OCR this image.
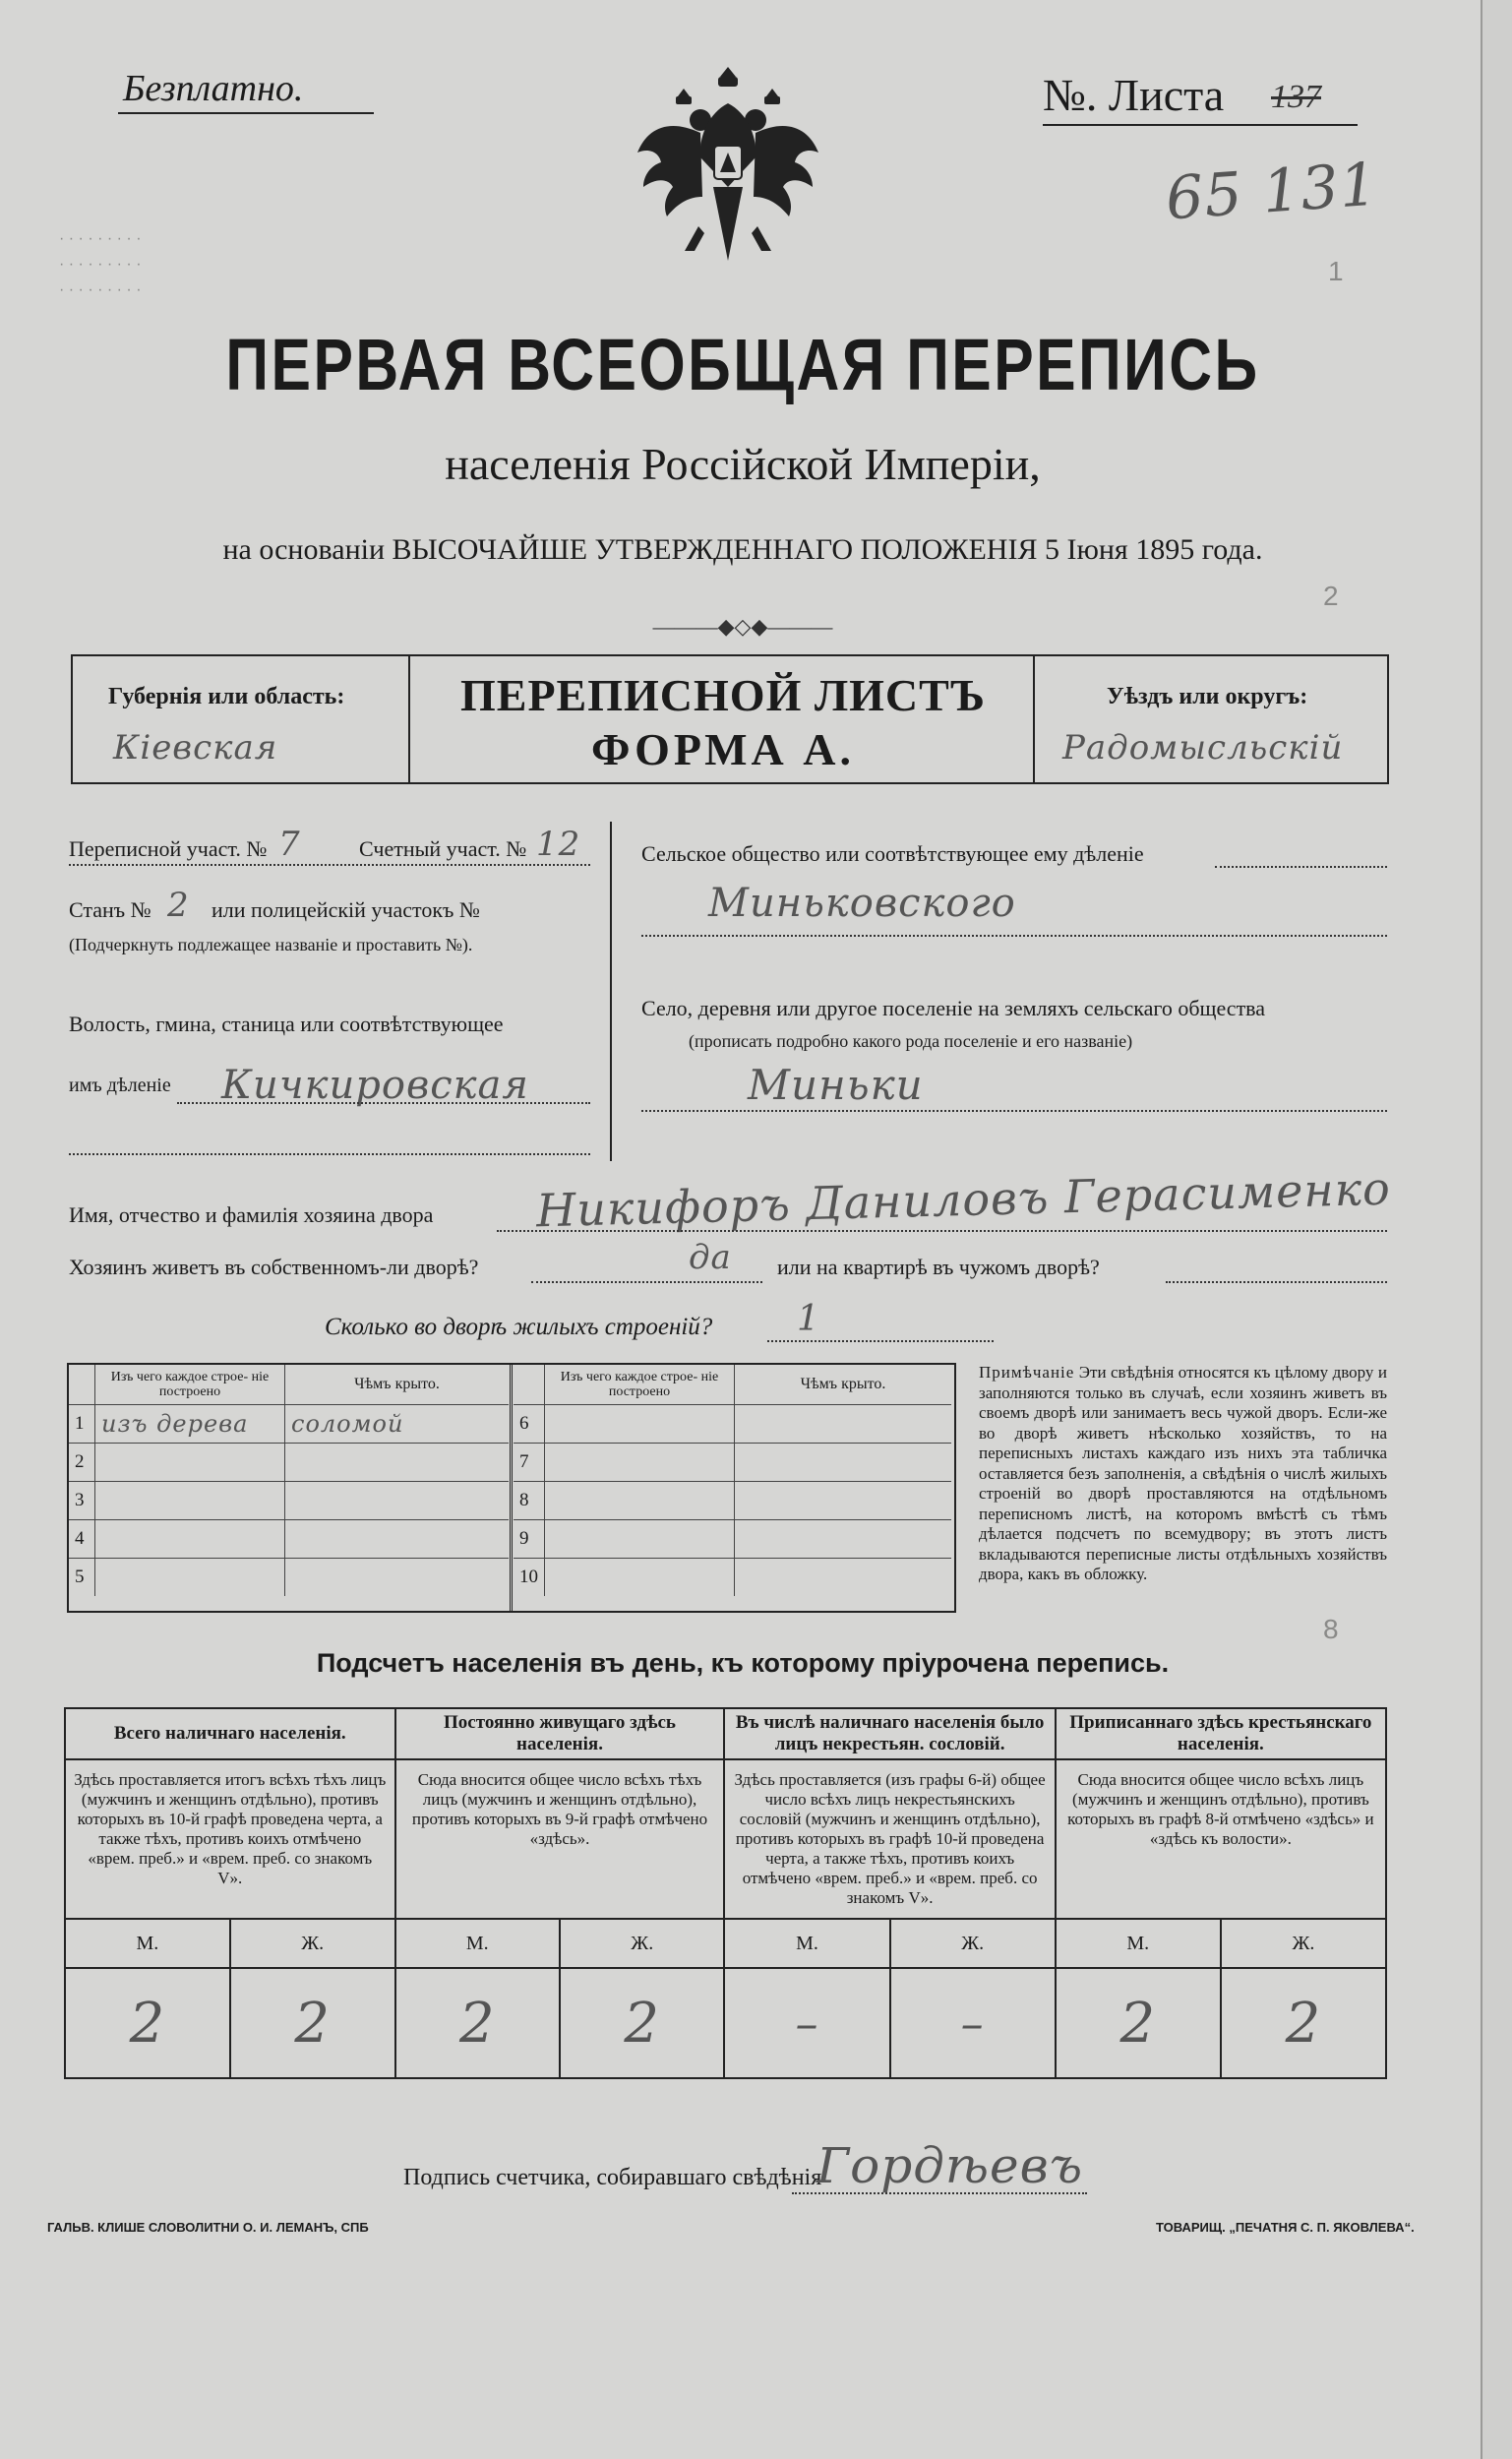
· · · · · · · · ·
· · · · · · · · ·
· · · · · · · · ·
1
2
8
Безплатно.	№. Листа 137
65 131
ПЕРВАЯ ВСЕОБЩАЯ ПЕРЕПИСЬ
населенія Россійской Имперіи,
на основаніи ВЫСОЧАЙШЕ УТВЕРЖДЕННАГО ПОЛОЖЕНІЯ 5 Іюня 1895 года.
———◆◇◆———
Губернія или область:
Кіевская
ПЕРЕПИСНОЙ ЛИСТЪ
ФОРМА А.
Уѣздъ или округъ:
Радомысльскій
Переписной участ. № 7	Счетный участ. № 12
Станъ № 2 или полицейскій участокъ №
(Подчеркнуть подлежащее названіе и проставить №).
Волость, гмина, станица или соотвѣтствующее
имъ дѣленіе Кичкировская
Сельское общество или соотвѣтствующее ему дѣленіе
Миньковского
Село, деревня или другое поселеніе на земляхъ сельскаго общества
(прописать подробно какого рода поселеніе и его названіе)
Миньки
Имя, отчество и фамилія хозяина двора Никифоръ Даниловъ Герасименко
Хозяинъ живетъ въ собственномъ-ли дворѣ?	да или на квартирѣ въ чужомъ дворѣ?
Сколько во дворѣ жилыхъ строеній? 1
	Изъ чего каждое строе- ніе построено	Чѣмъ крыто.
1	изъ дерева	соломой
2		
3		
4		
5		
	Изъ чего каждое строе- ніе построено	Чѣмъ крыто.
6		
7		
8		
9		
10		
Примѣчаніе Эти свѣдѣнія относятся къ цѣлому двору и заполняются только въ случаѣ, если хозяинъ живетъ въ своемъ дворѣ или занимаетъ весь чужой дворъ. Если-же во дворѣ живетъ нѣсколько хозяйствъ, то на переписныхъ листахъ каждаго изъ нихъ эта табличка оставляется безъ заполненія, а свѣдѣнія о числѣ жилыхъ строеній во дворѣ проставляются на отдѣльномъ переписномъ листѣ, на которомъ вмѣстѣ съ тѣмъ дѣлается подсчетъ по всемудвору; въ этотъ листъ вкладываются переписные листы отдѣльныхъ хозяйствъ двора, какъ въ обложку.
Подсчетъ населенія въ день, къ которому пріурочена перепись.
Всего наличнаго населенія.		Постоянно живущаго здѣсь населенія.		Въ числѣ наличнаго населенія было лицъ некрестьян. сословій.		Приписаннаго здѣсь крестьянскаго населенія.	
Здѣсь проставляется итогъ всѣхъ тѣхъ лицъ (мужчинъ и женщинъ отдѣльно), противъ которыхъ въ 10-й графѣ проведена черта, а также тѣхъ, противъ коихъ отмѣчено «врем. преб.» и «врем. преб. со знакомъ V».		Сюда вносится общее число всѣхъ тѣхъ лицъ (мужчинъ и женщинъ отдѣльно), противъ которыхъ въ 9-й графѣ отмѣчено «здѣсь».		Здѣсь проставляется (изъ графы 6-й) общее число всѣхъ лицъ некрестьянскихъ сословій (мужчинъ и женщинъ отдѣльно), противъ которыхъ въ графѣ 10-й проведена черта, а также тѣхъ, противъ коихъ отмѣчено «врем. преб.» и «врем. преб. со знакомъ V».		Сюда вносится общее число всѣхъ лицъ (мужчинъ и женщинъ отдѣльно), противъ которыхъ въ графѣ 8-й отмѣчено «здѣсь» и «здѣсь къ волости».	
М.	Ж.	М.	Ж.	М.	Ж.	М.	Ж.
2	2	2	2	–	–	2	2
Подпись счетчика, собиравшаго свѣдѣнія
Гордѣевъ
ГАЛЬВ. КЛИШЕ СЛОВОЛИТНИ О. И. ЛЕМАНЪ, СПБ	ТОВАРИЩ. „ПЕЧАТНЯ С. П. ЯКОВЛЕВА“.
